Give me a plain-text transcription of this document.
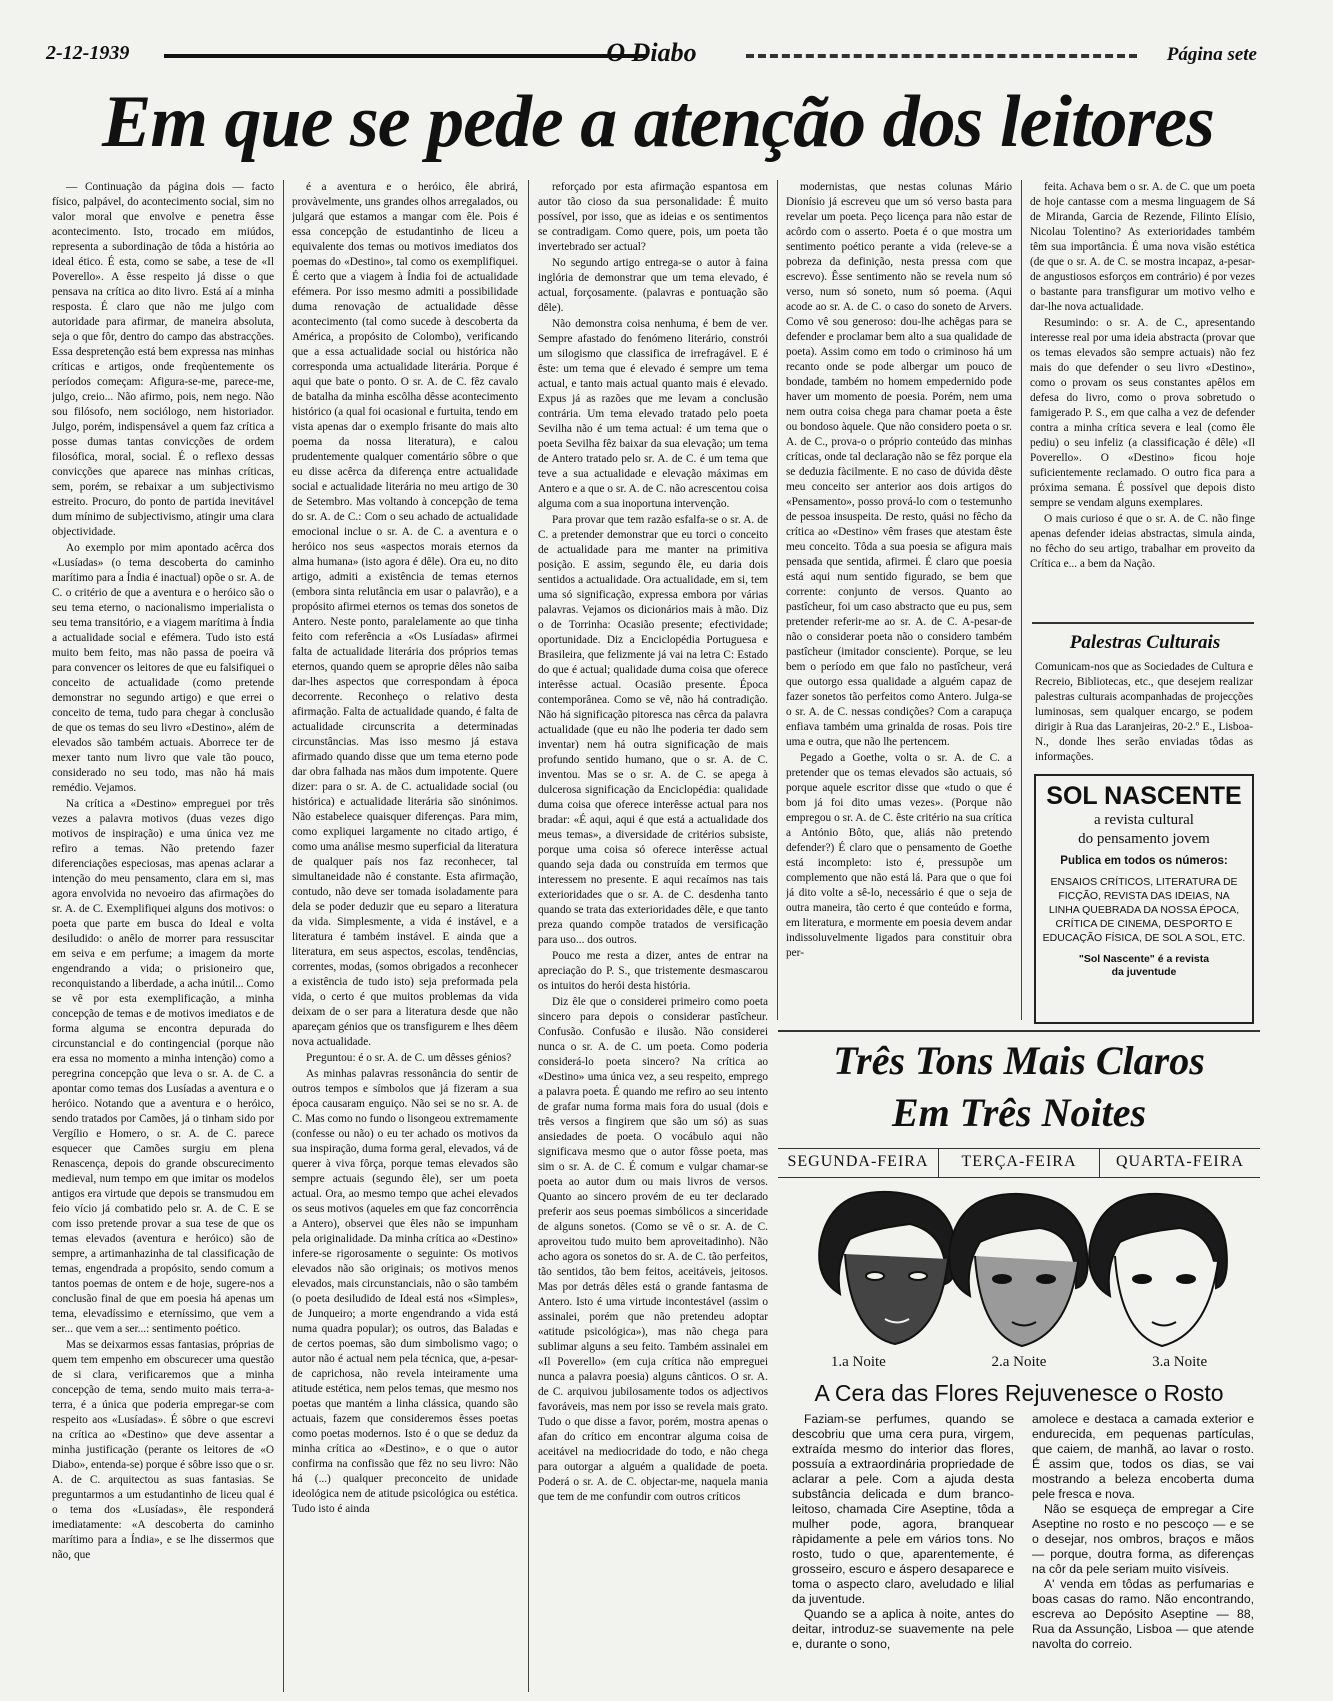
2-12-1939	O Diabo	Página sete
Em que se pede a atenção dos leitores

— Continuação da página dois — facto físico, palpável, do acontecimento social, sim no valor moral que envolve e penetra êsse acontecimento. Isto, trocado em miúdos, representa a subordinação de tôda a história ao ideal ético. É esta, como se sabe, a tese de «Il Poverello». A êsse respeito já disse o que pensava na crítica ao dito livro. Está aí a minha resposta. É claro que não me julgo com autoridade para afirmar, de maneira absoluta, seja o que fôr, dentro do campo das abstracções. Essa despretenção está bem expressa nas minhas críticas e artigos, onde freqùentemente os períodos começam: Afigura-se-me, parece-me, julgo, creio... Não afirmo, pois, nem nego. Não sou filósofo, nem sociólogo, nem historiador. Julgo, porém, indispensável a quem faz crítica a posse dumas tantas convicções de ordem filosófica, moral, social. É o reflexo dessas convicções que aparece nas minhas críticas, sem, porém, se rebaixar a um subjectivismo estreito. Procuro, do ponto de partida inevitável dum mínimo de subjectivismo, atingir uma clara objectividade.

Ao exemplo por mim apontado acêrca dos «Lusíadas» (o tema descoberta do caminho marítimo para a Índia é inactual) opõe o sr. A. de C. o critério de que a aventura e o heróico são o seu tema eterno, o nacionalismo imperialista o seu tema transitório, e a viagem marítima à Índia a actualidade social e efémera. Tudo isto está muito bem feito, mas não passa de poeira vã para convencer os leitores de que eu falsifiquei o conceito de actualidade (como pretende demonstrar no segundo artigo) e que errei o conceito de tema, tudo para chegar à conclusão de que os temas do seu livro «Destino», além de elevados são também actuais. Aborrece ter de mexer tanto num livro que vale tão pouco, considerado no seu todo, mas não há mais remédio. Vejamos.

Na crítica a «Destino» empreguei por três vezes a palavra motivos (duas vezes digo motivos de inspiração) e uma única vez me refiro a temas. Não pretendo fazer diferenciações especiosas, mas apenas aclarar a intenção do meu pensamento, clara em si, mas agora envolvida no nevoeiro das afirmações do sr. A. de C. Exemplifiquei alguns dos motivos: o poeta que parte em busca do Ideal e volta desiludido: o anêlo de morrer para ressuscitar em seiva e em perfume; a imagem da morte engendrando a vida; o prisioneiro que, reconquistando a liberdade, a acha inútil... Como se vê por esta exemplificação, a minha concepção de temas e de motivos imediatos e de forma alguma se encontra depurada do circunstancial e do contingencial (porque não era essa no momento a minha intenção) como a peregrina concepção que leva o sr. A. de C. a apontar como temas dos Lusíadas a aventura e o heróico. Notando que a aventura e o heróico, sendo tratados por Camões, já o tinham sido por Vergílio e Homero, o sr. A. de C. parece esquecer que Camões surgiu em plena Renascença, depois do grande obscurecimento medieval, num tempo em que imitar os modelos antigos era virtude que depois se transmudou em feio vício já combatido pelo sr. A. de C. E se com isso pretende provar a sua tese de que os temas elevados (aventura e heróico) são de sempre, a artimanhazinha de tal classificação de temas, engendrada a propósito, sendo comum a tantos poemas de ontem e de hoje, sugere-nos a conclusão final de que em poesia há apenas um tema, elevadíssimo e eterníssimo, que vem a ser... que vem a ser...: sentimento poético.

Mas se deixarmos essas fantasias, próprias de quem tem empenho em obscurecer uma questão de si clara, verificaremos que a minha concepção de tema, sendo muito mais terra-a-terra, é a única que poderia empregar-se com respeito aos «Lusíadas». É sôbre o que escrevi na crítica ao «Destino» que deve assentar a minha justificação (perante os leitores de «O Diabo», entenda-se) porque é sôbre isso que o sr. A. de C. arquitectou as suas fantasias. Se preguntarmos a um estudantinho de liceu qual é o tema dos «Lusíadas», êle responderá imediatamente: «A descoberta do caminho marítimo para a Índia», e se lhe dissermos que não, que

é a aventura e o heróico, êle abrirá, provàvelmente, uns grandes olhos arregalados, ou julgará que estamos a mangar com êle. Pois é essa concepção de estudantinho de liceu a equivalente dos temas ou motivos imediatos dos poemas do «Destino», tal como os exemplifiquei. É certo que a viagem à Índia foi de actualidade efémera. Por isso mesmo admiti a possibilidade duma renovação de actualidade dêsse acontecimento (tal como sucede à descoberta da América, a propósito de Colombo), verificando que a essa actualidade social ou histórica não corresponda uma actualidade literária. Porque é aqui que bate o ponto. O sr. A. de C. fêz cavalo de batalha da minha escôlha dêsse acontecimento histórico (a qual foi ocasional e furtuita, tendo em vista apenas dar o exemplo frisante do mais alto poema da nossa literatura), e calou prudentemente qualquer comentário sôbre o que eu disse acêrca da diferença entre actualidade social e actualidade literária no meu artigo de 30 de Setembro. Mas voltando à concepção de tema do sr. A. de C.: Com o seu achado de actualidade emocional inclue o sr. A. de C. a aventura e o heróico nos seus «aspectos morais eternos da alma humana» (isto agora é dêle). Ora eu, no dito artigo, admiti a existência de temas eternos (embora sinta relutância em usar o palavrão), e a propósito afirmei eternos os temas dos sonetos de Antero. Neste ponto, paralelamente ao que tinha feito com referência a «Os Lusíadas» afirmei falta de actualidade literária dos próprios temas eternos, quando quem se aproprie dêles não saiba dar-lhes aspectos que correspondam à época decorrente. Reconheço o relativo desta afirmação. Falta de actualidade quando, é falta de actualidade circunscrita a determinadas circunstâncias. Mas isso mesmo já estava afirmado quando disse que um tema eterno pode dar obra falhada nas mãos dum impotente. Quere dizer: para o sr. A. de C. actualidade social (ou histórica) e actualidade literária são sinónimos. Não estabelece quaisquer diferenças. Para mim, como expliquei largamente no citado artigo, é como uma análise mesmo superficial da literatura de qualquer país nos faz reconhecer, tal simultaneidade não é constante. Esta afirmação, contudo, não deve ser tomada isoladamente para dela se poder deduzir que eu separo a literatura da vida. Simplesmente, a vida é instável, e a literatura é também instável. E ainda que a literatura, em seus aspectos, escolas, tendências, correntes, modas, (somos obrigados a reconhecer a existência de tudo isto) seja preformada pela vida, o certo é que muitos problemas da vida deixam de o ser para a literatura desde que não apareçam génios que os transfigurem e lhes dêem nova actualidade.

Preguntou: é o sr. A. de C. um dêsses génios?

As minhas palavras ressonância do sentir de outros tempos e símbolos que já fizeram a sua época causaram enguiço. Não sei se no sr. A. de C. Mas como no fundo o lisongeou extremamente (confesse ou não) o eu ter achado os motivos da sua inspiração, duma forma geral, elevados, vá de querer à viva fôrça, porque temas elevados são sempre actuais (segundo êle), ser um poeta actual. Ora, ao mesmo tempo que achei elevados os seus motivos (aqueles em que faz concorrência a Antero), observei que êles não se impunham pela originalidade. Da minha crítica ao «Destino» infere-se rigorosamente o seguinte: Os motivos elevados não são originais; os motivos menos elevados, mais circunstanciais, não o são também (o poeta desiludido de Ideal está nos «Simples», de Junqueiro; a morte engendrando a vida está numa quadra popular); os outros, das Baladas e de certos poemas, são dum simbolismo vago; o autor não é actual nem pela técnica, que, a-pesar-de caprichosa, não revela inteiramente uma atitude estética, nem pelos temas, que mesmo nos poetas que mantém a linha clássica, quando são actuais, fazem que consideremos êsses poetas como poetas modernos. Isto é o que se deduz da minha crítica ao «Destino», e o que o autor confirma na confissão que fêz no seu livro: Não há (...) qualquer preconceito de unidade ideológica nem de atitude psicológica ou estética. Tudo isto é ainda

reforçado por esta afirmação espantosa em autor tão cioso da sua personalidade: É muito possível, por isso, que as ideias e os sentimentos se contradigam. Como quere, pois, um poeta tão invertebrado ser actual?

No segundo artigo entrega-se o autor à faina inglória de demonstrar que um tema elevado, é actual, forçosamente. (palavras e pontuação são dêle).

Não demonstra coisa nenhuma, é bem de ver. Sempre afastado do fenómeno literário, constrói um silogismo que classifica de irrefragável. E é êste: um tema que é elevado é sempre um tema actual, e tanto mais actual quanto mais é elevado. Expus já as razões que me levam a conclusão contrária. Um tema elevado tratado pelo poeta Sevilha não é um tema actual: é um tema que o poeta Sevilha fêz baixar da sua elevação; um tema de Antero tratado pelo sr. A. de C. é um tema que teve a sua actualidade e elevação máximas em Antero e a que o sr. A. de C. não acrescentou coisa alguma com a sua inoportuna intervenção.

Para provar que tem razão esfalfa-se o sr. A. de C. a pretender demonstrar que eu torci o conceito de actualidade para me manter na primitiva posição. E assim, segundo êle, eu daria dois sentidos a actualidade. Ora actualidade, em si, tem uma só significação, expressa embora por várias palavras. Vejamos os dicionários mais à mão. Diz o de Torrinha: Ocasião presente; efectividade; oportunidade. Diz a Enciclopédia Portuguesa e Brasileira, que felizmente já vai na letra C: Estado do que é actual; qualidade duma coisa que oferece interêsse actual. Ocasião presente. Época contemporânea. Como se vê, não há contradição. Não há significação pitoresca nas cêrca da palavra actualidade (que eu não lhe poderia ter dado sem inventar) nem há outra significação de mais profundo sentido humano, que o sr. A. de C. inventou. Mas se o sr. A. de C. se apega à dulcerosa significação da Enciclopédia: qualidade duma coisa que oferece interêsse actual para nos bradar: «É aqui, aqui é que está a actualidade dos meus temas», a diversidade de critérios subsiste, porque uma coisa só oferece interêsse actual quando seja dada ou construída em termos que interessem no presente. E aqui recaímos nas tais exterioridades que o sr. A. de C. desdenha tanto quando se trata das exterioridades dêle, e que tanto preza quando compõe tratados de versificação para uso... dos outros.

Pouco me resta a dizer, antes de entrar na apreciação do P. S., que tristemente desmascarou os intuitos do herói desta história.

Diz êle que o considerei primeiro como poeta sincero para depois o considerar pastîcheur. Confusão. Confusão e ilusão. Não considerei nunca o sr. A. de C. um poeta. Como poderia considerá-lo poeta sincero? Na crítica ao «Destino» uma única vez, a seu respeito, emprego a palavra poeta. É quando me refiro ao seu intento de grafar numa forma mais fora do usual (dois e três versos a fingirem que são um só) as suas ansiedades de poeta. O vocábulo aqui não significava mesmo que o autor fôsse poeta, mas sim o sr. A. de C. É comum e vulgar chamar-se poeta ao autor dum ou mais livros de versos. Quanto ao sincero provém de eu ter declarado preferir aos seus poemas simbólicos a sinceridade de alguns sonetos. (Como se vê o sr. A. de C. aproveitou tudo muito bem aproveitadinho). Não acho agora os sonetos do sr. A. de C. tão perfeitos, tão sentidos, tão bem feitos, aceitáveis, jeitosos. Mas por detrás dêles está o grande fantasma de Antero. Isto é uma virtude incontestável (assim o assinalei, porém que não pretendeu adoptar «atitude psicológica»), mas não chega para sublimar alguns a seu feito. Também assinalei em «Il Poverello» (em cuja crítica não empreguei nunca a palavra poesia) alguns cânticos. O sr. A. de C. arquivou jubilosamente todos os adjectivos favoráveis, mas nem por isso se revela mais grato. Tudo o que disse a favor, porém, mostra apenas o afan do crítico em encontrar alguma coisa de aceitável na mediocridade do todo, e não chega para outorgar a alguém a qualidade de poeta. Poderá o sr. A. de C. objectar-me, naquela mania que tem de me confundir com outros críticos

modernistas, que nestas colunas Mário Dionísio já escreveu que um só verso basta para revelar um poeta. Peço licença para não estar de acôrdo com o asserto. Poeta é o que mostra um sentimento poético perante a vida (releve-se a pobreza da definição, nesta pressa com que escrevo). Êsse sentimento não se revela num só verso, num só soneto, num só poema. (Aqui acode ao sr. A. de C. o caso do soneto de Arvers. Como vê sou generoso: dou-lhe achêgas para se defender e proclamar bem alto a sua qualidade de poeta). Assim como em todo o criminoso há um recanto onde se pode albergar um pouco de bondade, também no homem empedernido pode haver um momento de poesia. Porém, nem uma nem outra coisa chega para chamar poeta a êste ou bondoso àquele. Que não considero poeta o sr. A. de C., prova-o o próprio conteúdo das minhas críticas, onde tal declaração não se fêz porque ela se deduzia fàcilmente. E no caso de dúvida dêste meu conceito ser anterior aos dois artigos do «Pensamento», posso prová-lo com o testemunho de pessoa insuspeita. De resto, quási no fêcho da crítica ao «Destino» vêm frases que atestam êste meu conceito. Tôda a sua poesia se afigura mais pensada que sentida, afirmei. É claro que poesia está aqui num sentido figurado, se bem que corrente: conjunto de versos. Quanto ao pastîcheur, foi um caso abstracto que eu pus, sem pretender referir-me ao sr. A. de C. A-pesar-de não o considerar poeta não o considero também pastîcheur (imitador consciente). Porque, se leu bem o período em que falo no pastîcheur, verá que outorgo essa qualidade a alguém capaz de fazer sonetos tão perfeitos como Antero. Julga-se o sr. A. de C. nessas condições? Com a carapuça enfiava também uma grinalda de rosas. Pois tire uma e outra, que não lhe pertencem.

Pegado a Goethe, volta o sr. A. de C. a pretender que os temas elevados são actuais, só porque aquele escritor disse que «tudo o que é bom já foi dito umas vezes». (Porque não empregou o sr. A. de C. êste critério na sua crítica a António Bôto, que, aliás não pretendo defender?) É claro que o pensamento de Goethe está incompleto: isto é, pressupõe um complemento que não está lá. Para que o que foi já dito volte a sê-lo, necessário é que o seja de outra maneira, tão certo é que conteúdo e forma, em literatura, e mormente em poesia devem andar indissoluvelmente ligados para constituir obra per-

feita. Achava bem o sr. A. de C. que um poeta de hoje cantasse com a mesma linguagem de Sá de Miranda, Garcia de Rezende, Filinto Elísio, Nicolau Tolentino? As exterioridades também têm sua importância. É uma nova visão estética (de que o sr. A. de C. se mostra incapaz, a-pesar-de angustiosos esforços em contrário) é por vezes o bastante para transfigurar um motivo velho e dar-lhe nova actualidade.

Resumindo: o sr. A. de C., apresentando interesse real por uma ideia abstracta (provar que os temas elevados são sempre actuais) não fez mais do que defender o seu livro «Destino», como o provam os seus constantes apêlos em defesa do livro, como o prova sobretudo o famigerado P. S., em que calha a vez de defender contra a minha crítica severa e leal (como êle pediu) o seu infeliz (a classificação é dêle) «Il Poverello». O «Destino» ficou hoje suficientemente reclamado. O outro fica para a próxima semana. É possível que depois disto sempre se vendam alguns exemplares.

O mais curioso é que o sr. A. de C. não finge apenas defender ideias abstractas, simula ainda, no fêcho do seu artigo, trabalhar em proveito da Crítica e... a bem da Nação.

Palestras Culturais
Comunicam-nos que as Sociedades de Cultura e Recreio, Bibliotecas, etc., que desejem realizar palestras culturais acompanhadas de projecções luminosas, sem qualquer encargo, se podem dirigir à Rua das Laranjeiras, 20-2.º E., Lisboa-N., donde lhes serão enviadas tôdas as informações.
SOL NASCENTE
a revista cultural
do pensamento jovem
Publica em todos os números:
ENSAIOS CRÍTICOS, LITERATURA DE FICÇÃO, REVISTA DAS IDEIAS, NA LINHA QUEBRADA DA NOSSA ÉPOCA, CRÍTICA DE CINEMA, DESPORTO E EDUCAÇÃO FÍSICA, DE SOL A SOL, ETC.
"Sol Nascente" é a revista
da juventude
Três Tons Mais Claros
Em Três Noites
SEGUNDA-FEIRA	TERÇA-FEIRA	QUARTA-FEIRA
1.a Noite	2.a Noite	3.a Noite
A Cera das Flores Rejuvenesce o Rosto

Faziam-se perfumes, quando se descobriu que uma cera pura, virgem, extraída mesmo do interior das flores, possuía a extraordinária propriedade de aclarar a pele. Com a ajuda desta substância delicada e dum branco-leitoso, chamada Cire Aseptine, tôda a mulher pode, agora, branquear ràpidamente a pele em vários tons. No rosto, tudo o que, aparentemente, é grosseiro, escuro e áspero desaparece e toma o aspecto claro, aveludado e lilial da juventude.

Quando se a aplica à noite, antes do deitar, introduz-se suavemente na pele e, durante o sono,

amolece e destaca a camada exterior e endurecida, em pequenas partículas, que caiem, de manhã, ao lavar o rosto. É assim que, todos os dias, se vai mostrando a beleza encoberta duma pele fresca e nova.

Não se esqueça de empregar a Cire Aseptine no rosto e no pescoço — e se o desejar, nos ombros, braços e mãos — porque, doutra forma, as diferenças na côr da pele seriam muito visíveis.

A' venda em tôdas as perfumarias e boas casas do ramo. Não encontrando, escreva ao Depósito Aseptine — 88, Rua da Assunção, Lisboa — que atende navolta do correio.
